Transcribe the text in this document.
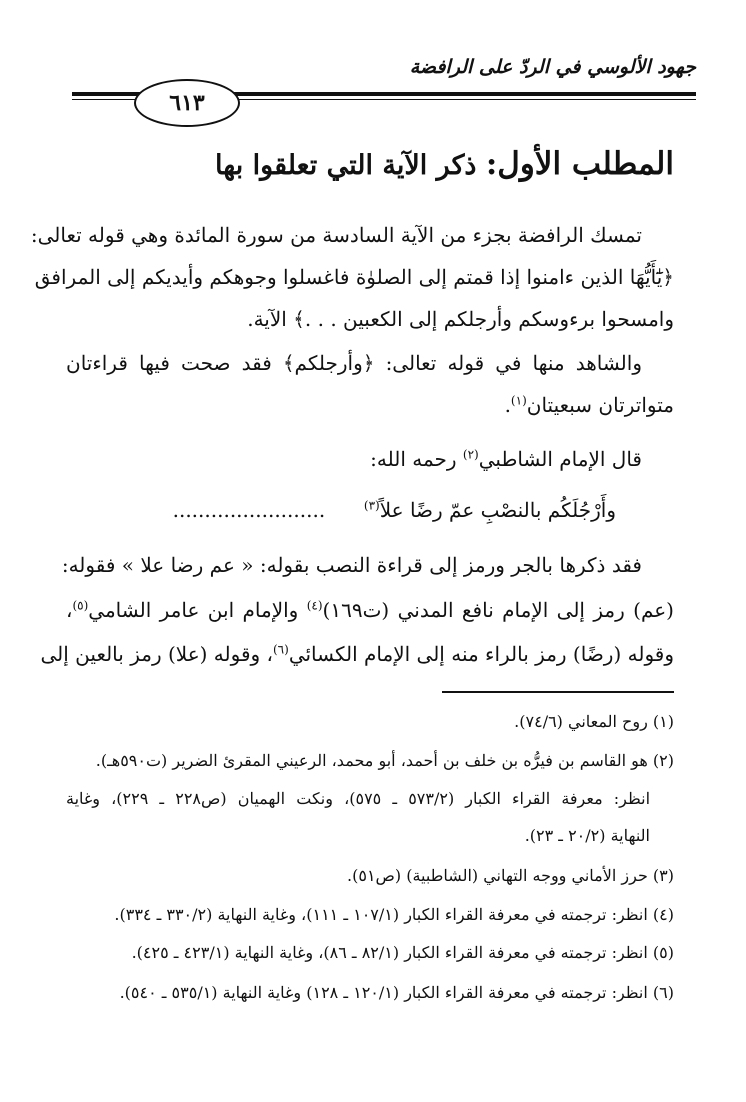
جهود الألوسي في الردّ على الرافضة
٦١٣
المطلب الأول: ذكر الآية التي تعلقوا بها
تمسك الرافضة بجزء من الآية السادسة من سورة المائدة وهي قوله تعالى:
﴿يَٰٓأَيُّهَا الذين ءامنوا إذا قمتم إلى الصلوٰة فاغسلوا وجوهكم وأيديكم إلى المرافق
وامسحوا برءوسكم وأرجلكم إلى الكعبين . . .﴾ الآية.
والشاهد منها في قوله تعالى: ﴿وأرجلكم﴾ فقد صحت فيها قراءتان
متواترتان سبعيتان$^{(١)}$.
قال الإمام الشاطبي$^{(٢)}$ رحمه الله:
وأَرْجُلَكُم بالنصْبِ عمّ رضًا علاً$^{(٣)}$  ........................
فقد ذكرها بالجر ورمز إلى قراءة النصب بقوله: « عم رضا علا » فقوله:
(عم) رمز إلى الإمام نافع المدني (ت١٦٩)$^{(٤)}$ والإمام ابن عامر الشامي$^{(٥)}$،
وقوله (رضًا) رمز بالراء منه إلى الإمام الكسائي$^{(٦)}$، وقوله (علا) رمز بالعين إلى
(١) روح المعاني (٧٤/٦).
(٢) هو القاسم بن فيرُّه بن خلف بن أحمد، أبو محمد، الرعيني المقرئ الضرير (ت٥٩٠هـ).
انظر: معرفة القراء الكبار (٥٧٣/٢ ـ ٥٧٥)، ونكت الهميان (ص٢٢٨ ـ ٢٢٩)، وغاية
النهاية (٢٠/٢ ـ ٢٣).
(٣) حرز الأماني ووجه التهاني (الشاطبية) (ص٥١).
(٤) انظر: ترجمته في معرفة القراء الكبار (١٠٧/١ ـ ١١١)، وغاية النهاية (٣٣٠/٢ ـ ٣٣٤).
(٥) انظر: ترجمته في معرفة القراء الكبار (٨٢/١ ـ ٨٦)، وغاية النهاية (٤٢٣/١ ـ ٤٢٥).
(٦) انظر: ترجمته في معرفة القراء الكبار (١٢٠/١ ـ ١٢٨) وغاية النهاية (٥٣٥/١ ـ ٥٤٠).
